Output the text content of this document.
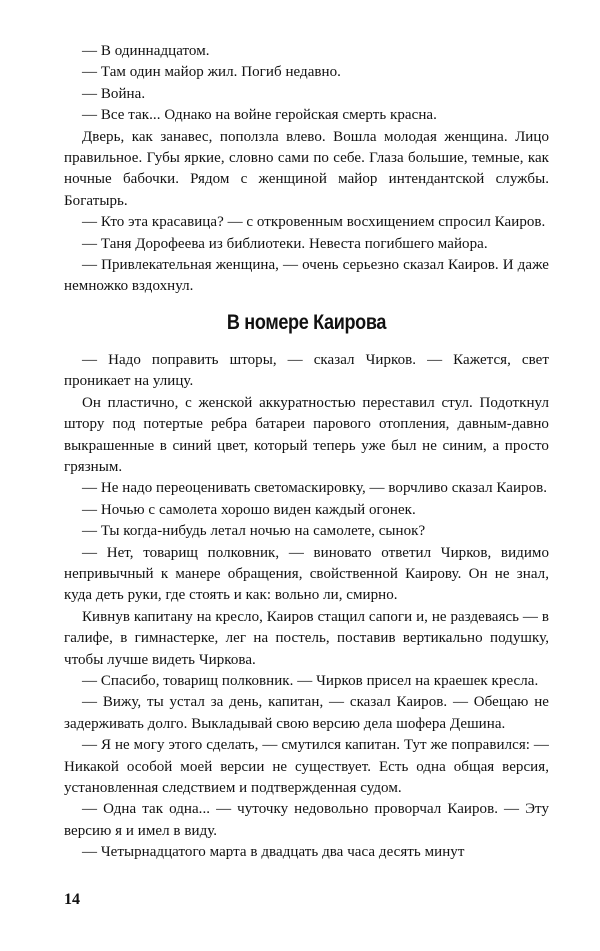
— В одиннадцатом.

— Там один майор жил. Погиб недавно.

— Война.

— Все так... Однако на войне геройская смерть красна.

Дверь, как занавес, поползла влево. Вошла молодая женщина. Лицо правильное. Губы яркие, словно сами по себе. Глаза большие, темные, как ночные бабочки. Рядом с женщиной майор интендантской службы. Богатырь.

— Кто эта красавица? — с откровенным восхищением спросил Каиров.

— Таня Дорофеева из библиотеки. Невеста погибшего майора.

— Привлекательная женщина, — очень серьезно сказал Каиров. И даже немножко вздохнул.

В номере Каирова

— Надо поправить шторы, — сказал Чирков. — Кажется, свет проникает на улицу.

Он пластично, с женской аккуратностью переставил стул. Подоткнул штору под потертые ребра батареи парового отопления, давным-давно выкрашенные в синий цвет, который теперь уже был не синим, а просто грязным.

— Не надо переоценивать светомаскировку, — ворчливо сказал Каиров.

— Ночью с самолета хорошо виден каждый огонек.

— Ты когда-нибудь летал ночью на самолете, сынок?

— Нет, товарищ полковник, — виновато ответил Чирков, видимо непривычный к манере обращения, свойственной Каирову. Он не знал, куда деть руки, где стоять и как: вольно ли, смирно.

Кивнув капитану на кресло, Каиров стащил сапоги и, не раздеваясь — в галифе, в гимнастерке, лег на постель, поставив вертикально подушку, чтобы лучше видеть Чиркова.

— Спасибо, товарищ полковник. — Чирков присел на краешек кресла.

— Вижу, ты устал за день, капитан, — сказал Каиров. — Обещаю не задерживать долго. Выкладывай свою версию дела шофера Дешина.

— Я не могу этого сделать, — смутился капитан. Тут же поправился: — Никакой особой моей версии не существует. Есть одна общая версия, установленная следствием и подтвержденная судом.

— Одна так одна... — чуточку недовольно проворчал Каиров. — Эту версию я и имел в виду.

— Четырнадцатого марта в двадцать два часа десять минут

14
